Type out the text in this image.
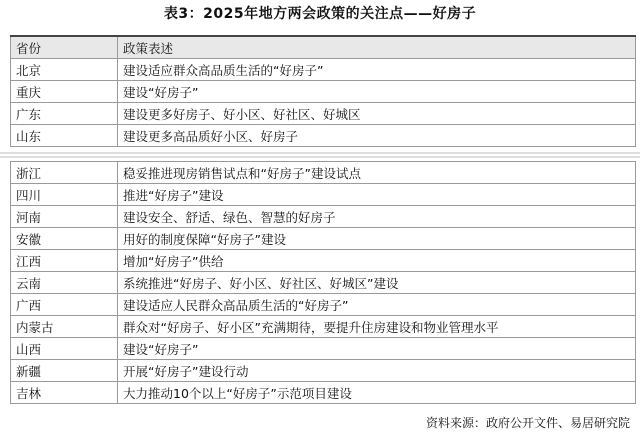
表3：2025年地方两会政策的关注点——好房子
省份	政策表述
北京	建设适应群众高品质生活的“好房子”
重庆	建设“好房子”
广东	建设更多好房子、好小区、好社区、好城区
山东	建设更多高品质好小区、好房子
浙江	稳妥推进现房销售试点和“好房子”建设试点
四川	推进“好房子”建设
河南	建设安全、舒适、绿色、智慧的好房子
安徽	用好的制度保障“好房子”建设
江西	增加“好房子”供给
云南	系统推进“好房子、好小区、好社区、好城区”建设
广西	建设适应人民群众高品质生活的“好房子”
内蒙古	群众对“好房子、好小区”充满期待，要提升住房建设和物业管理水平
山西	建设“好房子”
新疆	开展“好房子”建设行动
吉林	大力推动10个以上“好房子”示范项目建设
资料来源：政府公开文件、易居研究院
